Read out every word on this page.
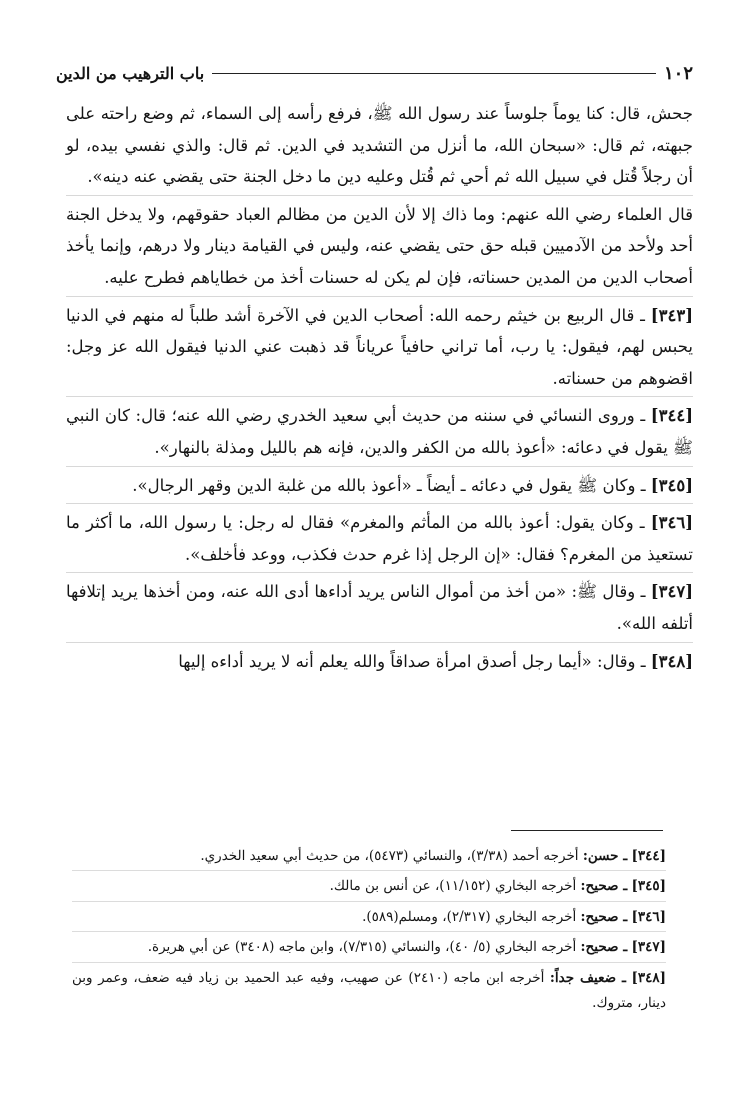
باب الترهيب من الدين	١٠٢

جحش، قال: كنا يوماً جلوساً عند رسول الله ﷺ، فرفع رأسه إلى السماء، ثم وضع راحته على جبهته، ثم قال: «سبحان الله، ما أنزل من التشديد في الدين. ثم قال: والذي نفسي بيده، لو أن رجلاً قُتل في سبيل الله ثم أحي ثم قُتل وعليه دين ما دخل الجنة حتى يقضي عنه دينه».

قال العلماء رضي الله عنهم: وما ذاك إلا لأن الدين من مظالم العباد حقوقهم، ولا يدخل الجنة أحد ولأحد من الآدميين قبله حق حتى يقضي عنه، وليس في القيامة دينار ولا درهم، وإنما يأخذ أصحاب الدين من المدين حسناته، فإن لم يكن له حسنات أخذ من خطاياهم فطرح عليه.

[٣٤٣] ـ قال الربيع بن خيثم رحمه الله: أصحاب الدين في الآخرة أشد طلباً له منهم في الدنيا يحبس لهم، فيقول: يا رب، أما تراني حافياً عرياناً قد ذهبت عني الدنيا فيقول الله عز وجل: اقضوهم من حسناته.

[٣٤٤] ـ وروى النسائي في سننه من حديث أبي سعيد الخدري رضي الله عنه؛ قال: كان النبي ﷺ يقول في دعائه: «أعوذ بالله من الكفر والدين، فإنه هم بالليل ومذلة بالنهار».

[٣٤٥] ـ وكان ﷺ يقول في دعائه ـ أيضاً ـ «أعوذ بالله من غلبة الدين وقهر الرجال».

[٣٤٦] ـ وكان يقول: أعوذ بالله من المأثم والمغرم» فقال له رجل: يا رسول الله، ما أكثر ما تستعيذ من المغرم؟ فقال: «إن الرجل إذا غرم حدث فكذب، ووعد فأخلف».

[٣٤٧] ـ وقال ﷺ: «من أخذ من أموال الناس يريد أداءها أدى الله عنه، ومن أخذها يريد إتلافها أتلفه الله».

[٣٤٨] ـ وقال: «أيما رجل أصدق امرأة صداقاً والله يعلم أنه لا يريد أداءه إليها

[٣٤٤] ـ حسن: أخرجه أحمد (٣/٣٨)، والنسائي (٥٤٧٣)، من حديث أبي سعيد الخدري.

[٣٤٥] ـ صحيح: أخرجه البخاري (١١/١٥٢)، عن أنس بن مالك.

[٣٤٦] ـ صحيح: أخرجه البخاري (٢/٣١٧)، ومسلم(٥٨٩).

[٣٤٧] ـ صحيح: أخرجه البخاري (٥/ ٤٠)، والنسائي (٧/٣١٥)، وابن ماجه (٣٤٠٨) عن أبي هريرة.

[٣٤٨] ـ ضعيف جداً: أخرجه ابن ماجه (٢٤١٠) عن صهيب، وفيه عبد الحميد بن زياد فيه ضعف، وعمر وبن دينار، متروك.
